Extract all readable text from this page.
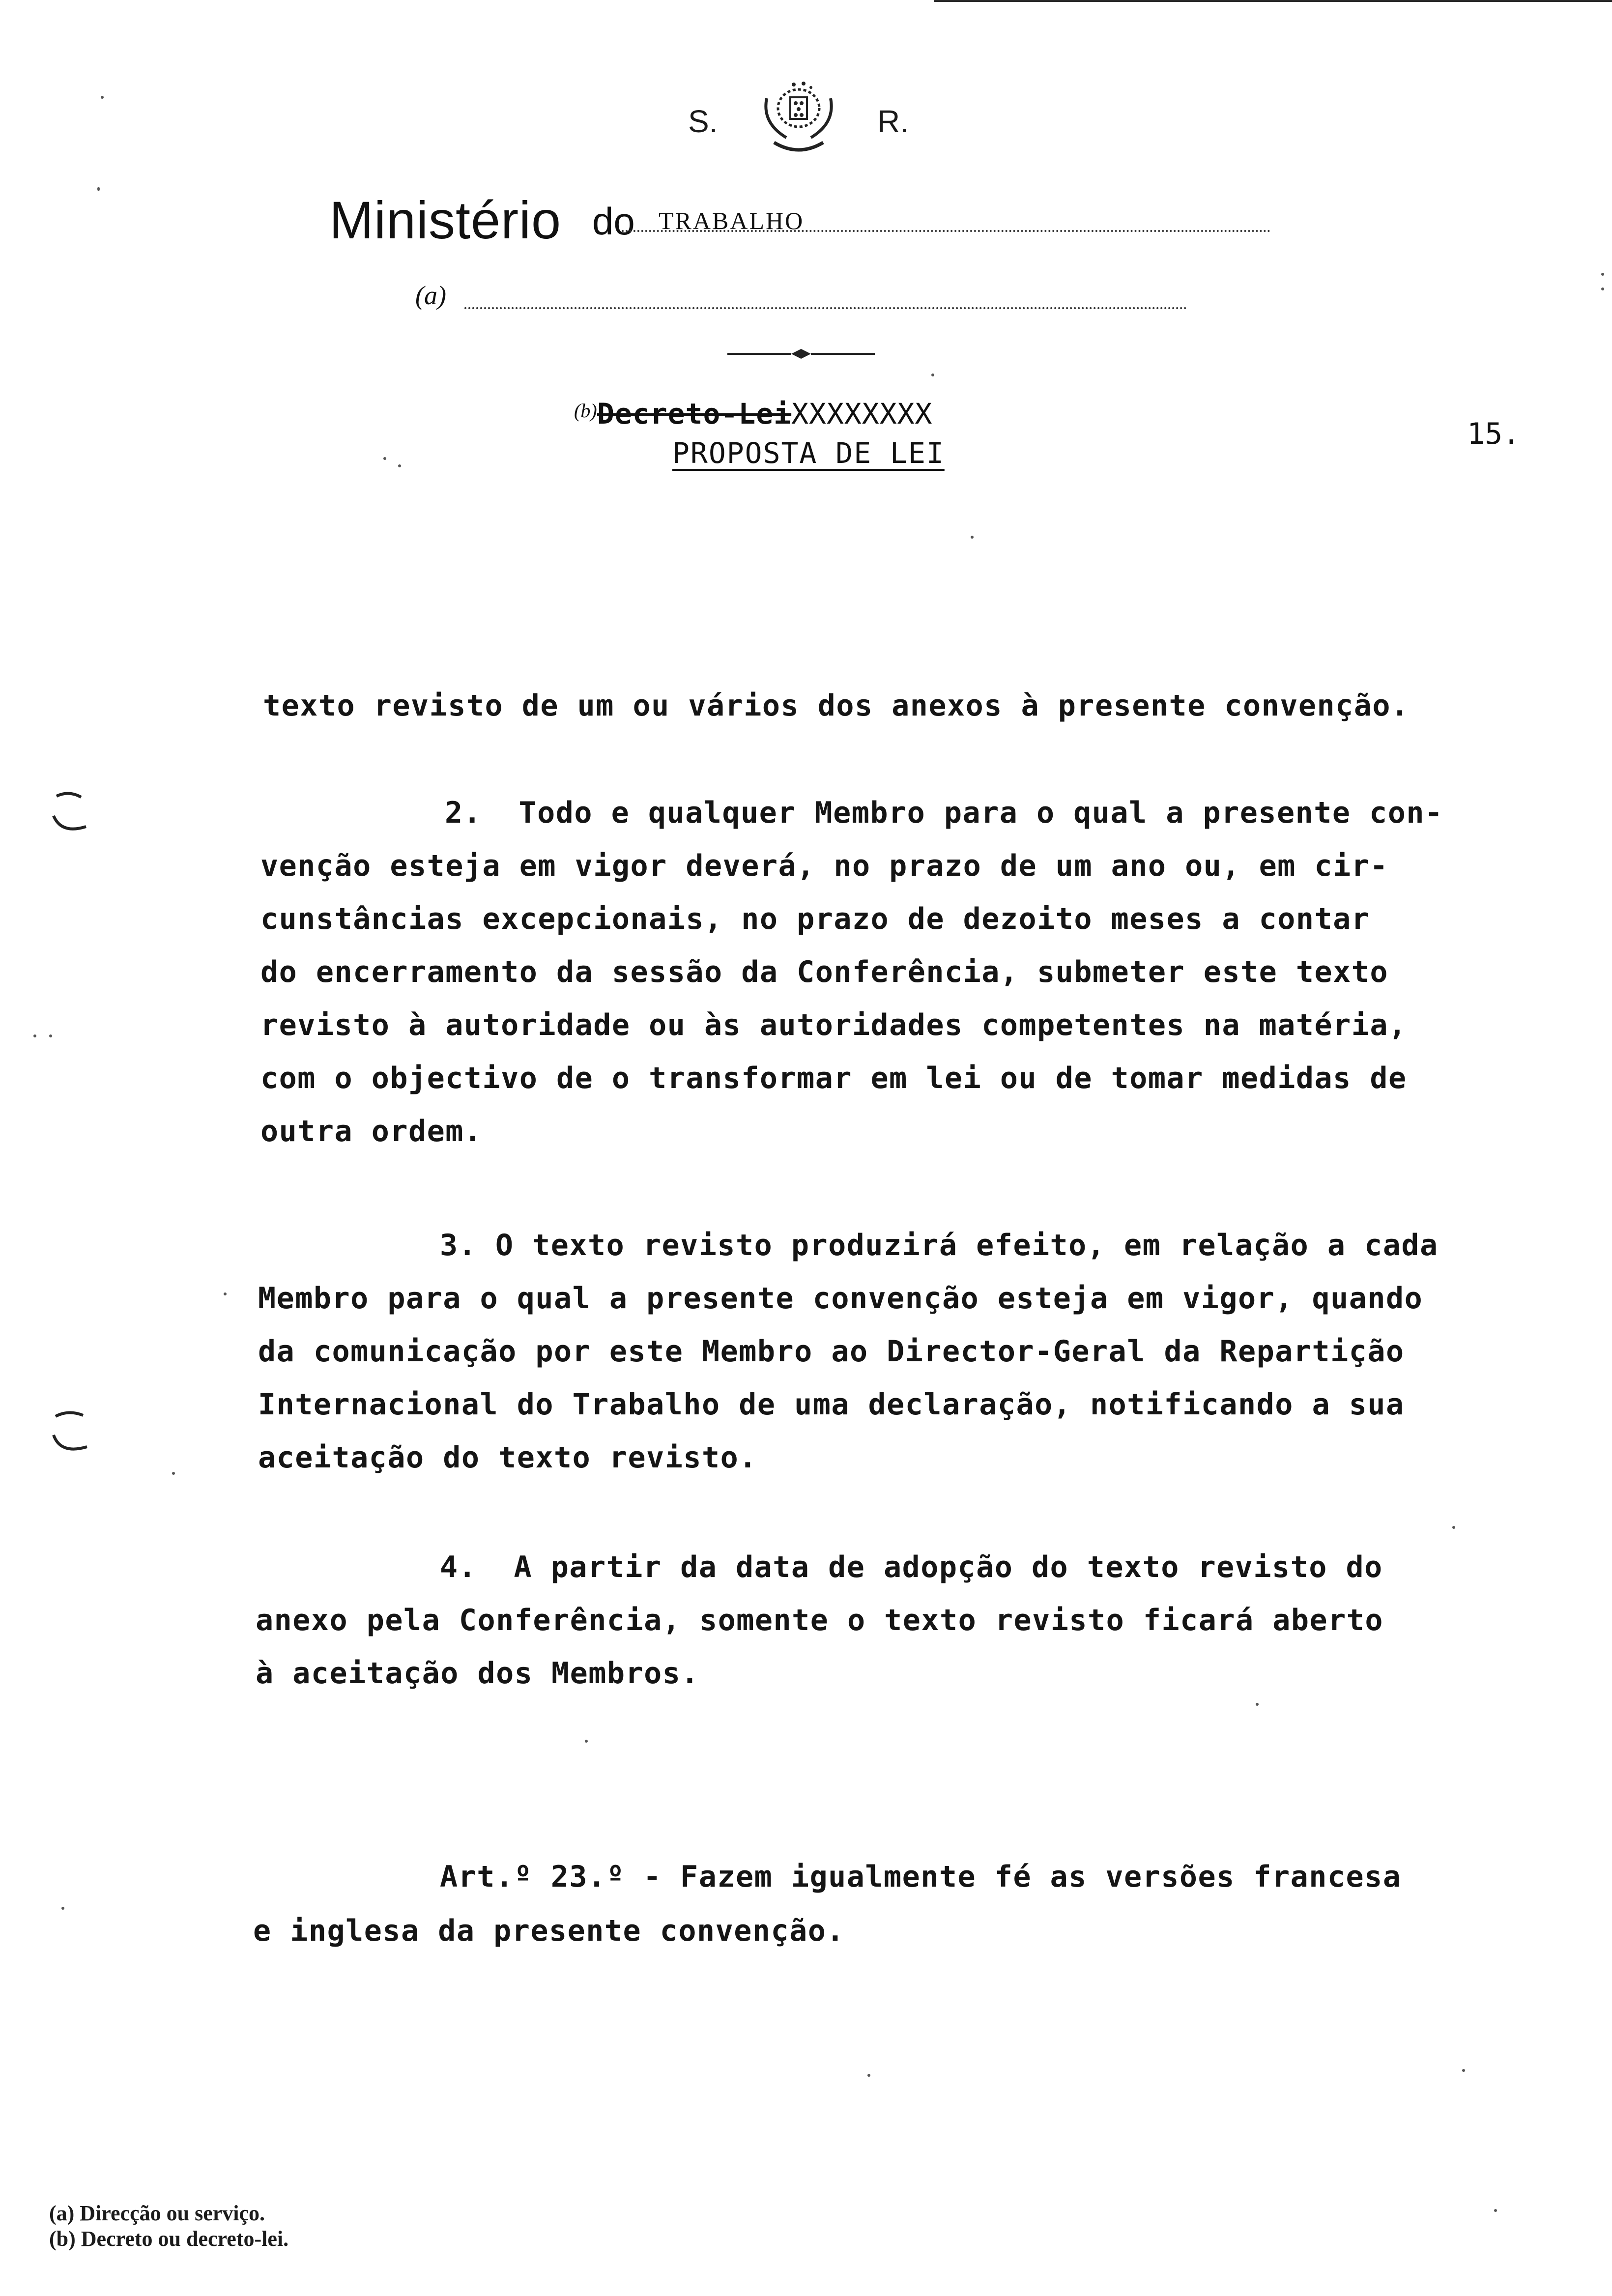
S.	R.
Ministério do TRABALHO
(a)
(b) Decreto-LeiXXXXXXXX
PROPOSTA DE LEI
15.
texto revisto de um ou vários dos anexos à presente convenção.
2.  Todo e qualquer Membro para o qual a presente con-
venção esteja em vigor deverá, no prazo de um ano ou, em cir-
cunstâncias excepcionais, no prazo de dezoito meses a contar
do encerramento da sessão da Conferência, submeter este texto
revisto à autoridade ou às autoridades competentes na matéria,
com o objectivo de o transformar em lei ou de tomar medidas de
outra ordem.
3. O texto revisto produzirá efeito, em relação a cada
Membro para o qual a presente convenção esteja em vigor, quando
da comunicação por este Membro ao Director-Geral da Repartição
Internacional do Trabalho de uma declaração, notificando a sua
aceitação do texto revisto.
4.  A partir da data de adopção do texto revisto do
anexo pela Conferência, somente o texto revisto ficará aberto
à aceitação dos Membros.
Art.º 23.º - Fazem igualmente fé as versões francesa
e inglesa da presente convenção.
(a) Direcção ou serviço.
(b) Decreto ou decreto-lei.
